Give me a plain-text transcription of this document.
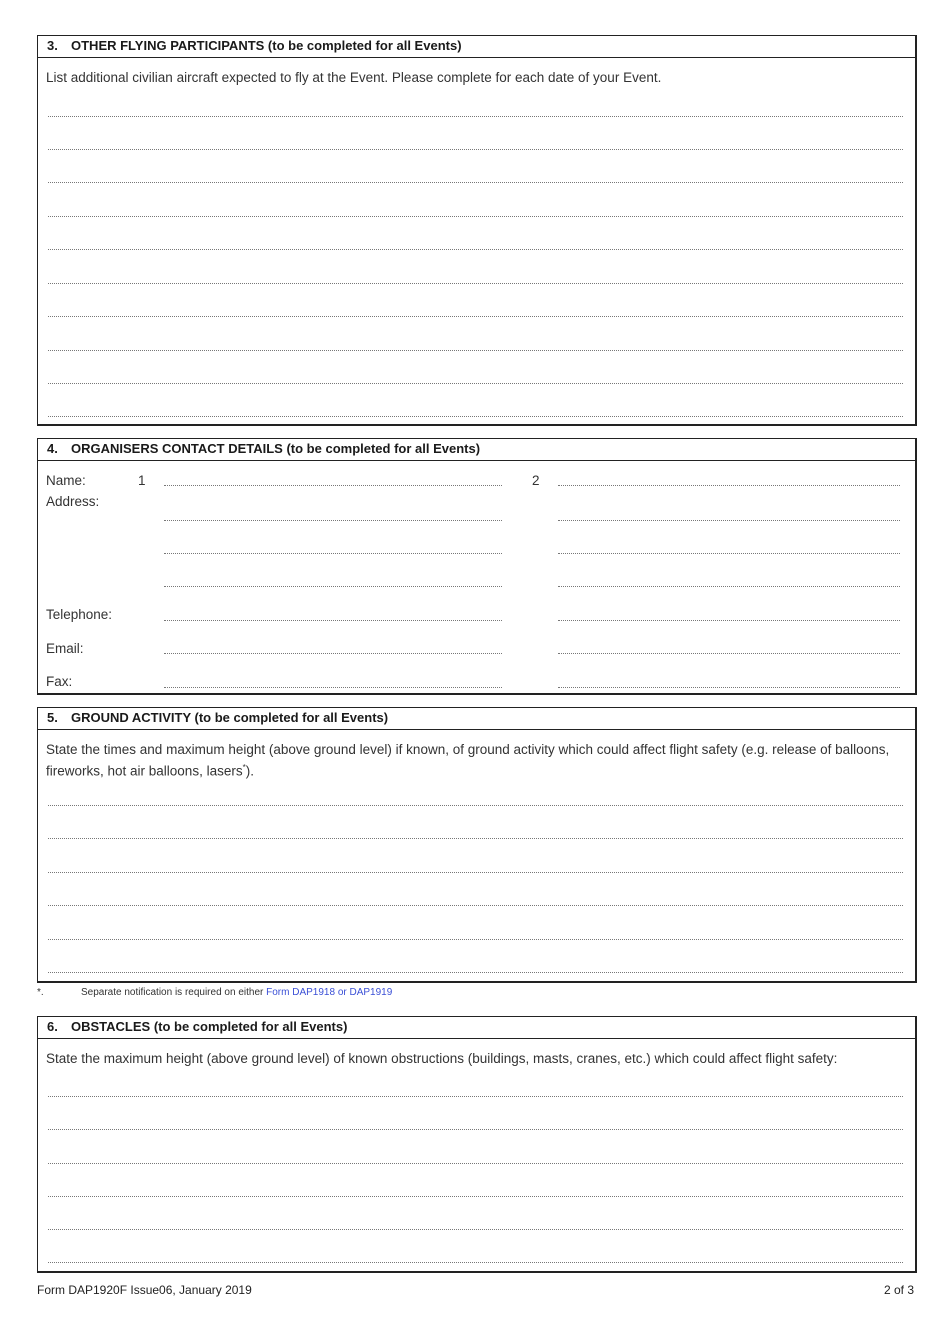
3. OTHER FLYING PARTICIPANTS (to be completed for all Events)
List additional civilian aircraft expected to fly at the Event. Please complete for each date of your Event.
4. ORGANISERS CONTACT DETAILS (to be completed for all Events)
Name:	1	2
Address:
Telephone:
Email:
Fax:
5. GROUND ACTIVITY (to be completed for all Events)
State the times and maximum height (above ground level) if known, of ground activity which could affect flight safety (e.g. release of balloons, fireworks, hot air balloons, lasers*).
*.	Separate notification is required on either Form DAP1918 or DAP1919
6. OBSTACLES (to be completed for all Events)
State the maximum height (above ground level) of known obstructions (buildings, masts, cranes, etc.) which could affect flight safety:
Form DAP1920F Issue06, January 2019	2 of 3
